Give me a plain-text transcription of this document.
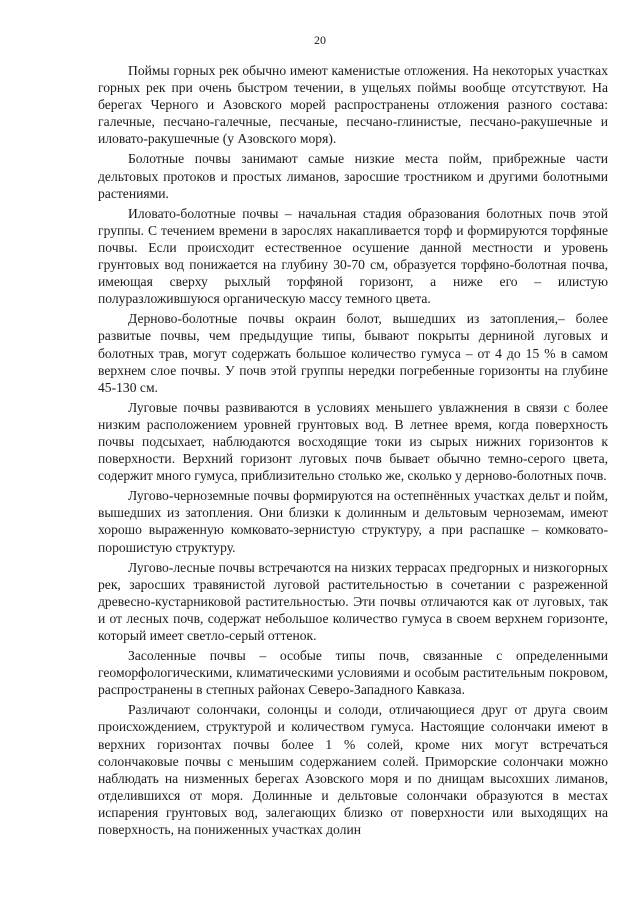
20

Поймы горных рек обычно имеют каменистые отложения. На некоторых участках горных рек при очень быстром течении, в ущельях поймы вообще отсутствуют. На берегах Черного и Азовского морей распространены отложения разного состава: галечные, песчано-галечные, песчаные, песчано-глинистые, песчано-ракушечные и иловато-ракушечные (у Азовского моря).

Болотные почвы занимают самые низкие места пойм, прибрежные части дельтовых протоков и простых лиманов, заросшие тростником и другими болотными растениями.

Иловато-болотные почвы – начальная стадия образования болотных почв этой группы. С течением времени в зарослях накапливается торф и формируются торфяные почвы. Если происходит естественное осушение данной местности и уровень грунтовых вод понижается на глубину 30-70 см, образуется торфяно-болотная почва, имеющая сверху рыхлый торфяной горизонт, а ниже его – илистую полуразложившуюся органическую массу темного цвета.

Дерново-болотные почвы окраин болот, вышедших из затопления,– более развитые почвы, чем предыдущие типы, бывают покрыты дерниной луговых и болотных трав, могут содержать большое количество гумуса – от 4 до 15 % в самом верхнем слое почвы. У почв этой группы нередки погребенные горизонты на глубине 45-130 см.

Луговые почвы развиваются в условиях меньшего увлажнения в связи с более низким расположением уровней грунтовых вод. В летнее время, когда поверхность почвы подсыхает, наблюдаются восходящие токи из сырых нижних горизонтов к поверхности. Верхний горизонт луговых почв бывает обычно темно-серого цвета, содержит много гумуса, приблизительно столько же, сколько у дерново-болотных почв.

Лугово-черноземные почвы формируются на остепнённых участках дельт и пойм, вышедших из затопления. Они близки к долинным и дельтовым черноземам, имеют хорошо выраженную комковато-зернистую структуру, а при распашке – комковато-порошистую структуру.

Лугово-лесные почвы встречаются на низких террасах предгорных и низкогорных рек, заросших травянистой луговой растительностью в сочетании с разреженной древесно-кустарниковой растительностью. Эти почвы отличаются как от луговых, так и от лесных почв, содержат небольшое количество гумуса в своем верхнем горизонте, который имеет светло-серый оттенок.

Засоленные почвы – особые типы почв, связанные с определенными геоморфологическими, климатическими условиями и особым растительным покровом, распространены в степных районах Северо-Западного Кавказа.

Различают солончаки, солонцы и солоди, отличающиеся друг от друга своим происхождением, структурой и количеством гумуса. Настоящие солончаки имеют в верхних горизонтах почвы более 1 % солей, кроме них могут встречаться солончаковые почвы с меньшим содержанием солей. Приморские солончаки можно наблюдать на низменных берегах Азовского моря и по днищам высохших лиманов, отделившихся от моря. Долинные и дельтовые солончаки образуются в местах испарения грунтовых вод, залегающих близко от поверхности или выходящих на поверхность, на пониженных участках долин
